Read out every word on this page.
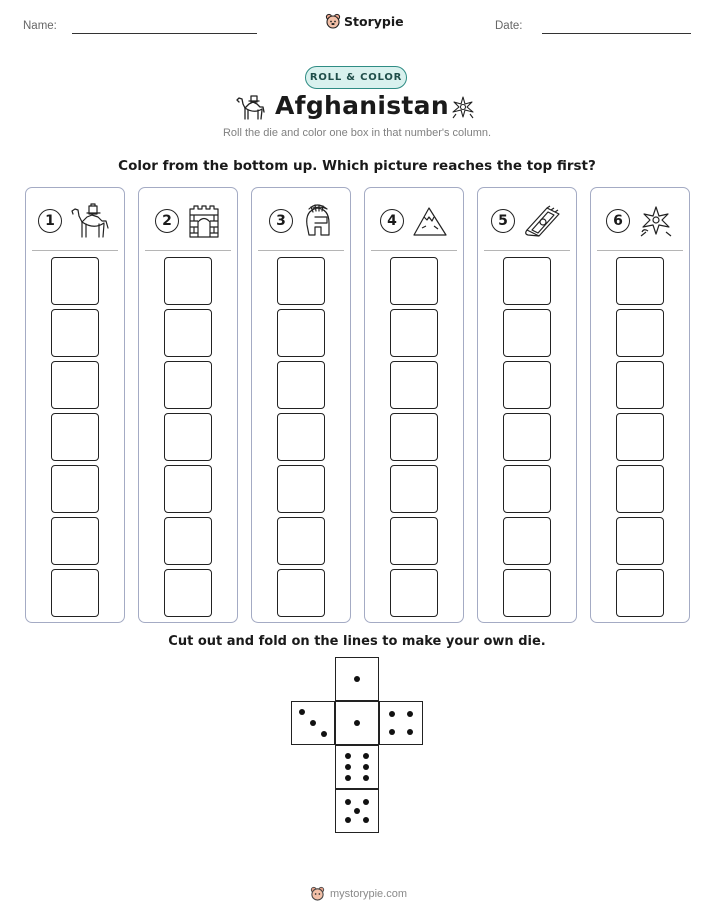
Name:	Storypie	Date:
ROLL & COLOR
Afghanistan
Roll the die and color one box in that number's column.
Color from the bottom up. Which picture reaches the top first?
1	2	3	4	5	6
Cut out and fold on the lines to make your own die.
mystorypie.com
